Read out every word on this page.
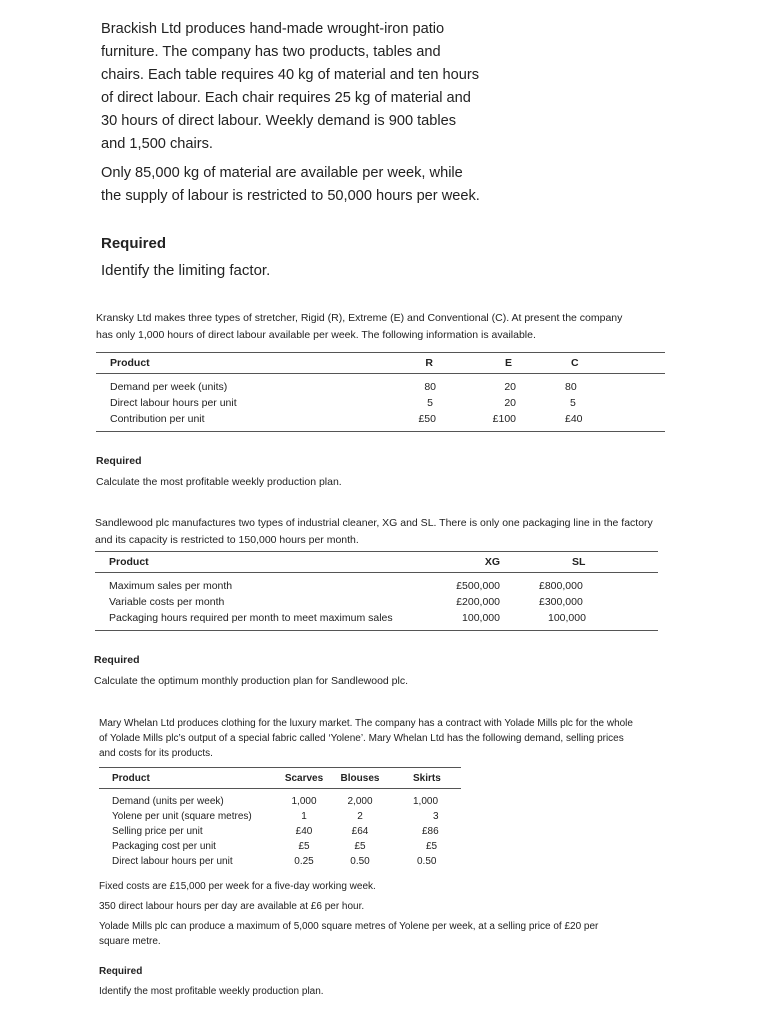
Brackish Ltd produces hand-made wrought-iron patio furniture. The company has two products, tables and chairs. Each table requires 40 kg of material and ten hours of direct labour. Each chair requires 25 kg of material and 30 hours of direct labour. Weekly demand is 900 tables and 1,500 chairs.

Only 85,000 kg of material are available per week, while the supply of labour is restricted to 50,000 hours per week.

Required

Identify the limiting factor.

Kransky Ltd makes three types of stretcher, Rigid (R), Extreme (E) and Conventional (C). At present the company has only 1,000 hours of direct labour available per week. The following information is available.

Product	R	E	C

Demand per week (units)	80	20	80
Direct labour hours per unit	5	20	5
Contribution per unit	£50	£100	£40

Required

Calculate the most profitable weekly production plan.

Sandlewood plc manufactures two types of industrial cleaner, XG and SL. There is only one packaging line in the factory and its capacity is restricted to 150,000 hours per month.

Product	XG	SL

Maximum sales per month	£500,000	£800,000
Variable costs per month	£200,000	£300,000
Packaging hours required per month to meet maximum sales	100,000	100,000

Required

Calculate the optimum monthly production plan for Sandlewood plc.

Mary Whelan Ltd produces clothing for the luxury market. The company has a contract with Yolade Mills plc for the whole of Yolade Mills plc’s output of a special fabric called ‘Yolene’. Mary Whelan Ltd has the following demand, selling prices and costs for its products.

Product	Scarves	Blouses	Skirts

Demand (units per week)	1,000	2,000	1,000
Yolene per unit (square metres)	1	2	3
Selling price per unit	£40	£64	£86
Packaging cost per unit	£5	£5	£5
Direct labour hours per unit	0.25	0.50	0.50

Fixed costs are £15,000 per week for a five-day working week.

350 direct labour hours per day are available at £6 per hour.

Yolade Mills plc can produce a maximum of 5,000 square metres of Yolene per week, at a selling price of £20 per square metre.

Required

Identify the most profitable weekly production plan.
